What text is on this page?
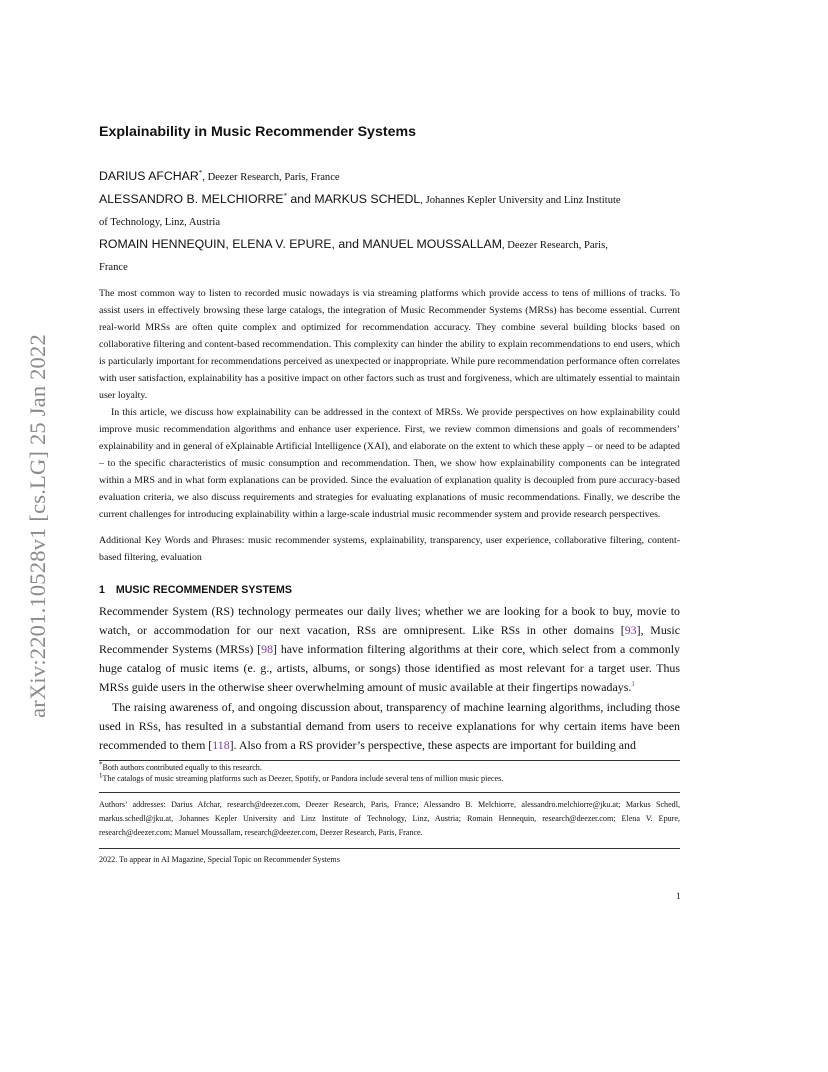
arXiv:2201.10528v1 [cs.LG] 25 Jan 2022
Explainability in Music Recommender Systems

DARIUS AFCHAR*, Deezer Research, Paris, France

ALESSANDRO B. MELCHIORRE* and MARKUS SCHEDL, Johannes Kepler University and Linz Institute

of Technology, Linz, Austria

ROMAIN HENNEQUIN, ELENA V. EPURE, and MANUEL MOUSSALLAM, Deezer Research, Paris,

France

The most common way to listen to recorded music nowadays is via streaming platforms which provide access to tens of millions of tracks. To assist users in effectively browsing these large catalogs, the integration of Music Recommender Systems (MRSs) has become essential. Current real-world MRSs are often quite complex and optimized for recommendation accuracy. They combine several building blocks based on collaborative filtering and content-based recommendation. This complexity can hinder the ability to explain recommendations to end users, which is particularly important for recommendations perceived as unexpected or inappropriate. While pure recommendation performance often correlates with user satisfaction, explainability has a positive impact on other factors such as trust and forgiveness, which are ultimately essential to maintain user loyalty.

In this article, we discuss how explainability can be addressed in the context of MRSs. We provide perspectives on how explainability could improve music recommendation algorithms and enhance user experience. First, we review common dimensions and goals of recommenders’ explainability and in general of eXplainable Artificial Intelligence (XAI), and elaborate on the extent to which these apply – or need to be adapted – to the specific characteristics of music consumption and recommendation. Then, we show how explainability components can be integrated within a MRS and in what form explanations can be provided. Since the evaluation of explanation quality is decoupled from pure accuracy-based evaluation criteria, we also discuss requirements and strategies for evaluating explanations of music recommendations. Finally, we describe the current challenges for introducing explainability within a large-scale industrial music recommender system and provide research perspectives.

Additional Key Words and Phrases: music recommender systems, explainability, transparency, user experience, collaborative filtering, content-based filtering, evaluation
1 MUSIC RECOMMENDER SYSTEMS

Recommender System (RS) technology permeates our daily lives; whether we are looking for a book to buy, movie to watch, or accommodation for our next vacation, RSs are omnipresent. Like RSs in other domains [93], Music Recommender Systems (MRSs) [98] have information filtering algorithms at their core, which select from a commonly huge catalog of music items (e. g., artists, albums, or songs) those identified as most relevant for a target user. Thus MRSs guide users in the otherwise sheer overwhelming amount of music available at their fingertips nowadays.$^1$

The raising awareness of, and ongoing discussion about, transparency of machine learning algorithms, including those used in RSs, has resulted in a substantial demand from users to receive explanations for why certain items have been recommended to them [118]. Also from a RS provider’s perspective, these aspects are important for building and

*Both authors contributed equally to this research.

1The catalogs of music streaming platforms such as Deezer, Spotify, or Pandora include several tens of million music pieces.

Authors’ addresses: Darius Afchar, research@deezer.com, Deezer Research, Paris, France; Alessandro B. Melchiorre, alessandro.melchiorre@jku.at; Markus Schedl, markus.schedl@jku.at, Johannes Kepler University and Linz Institute of Technology, Linz, Austria; Romain Hennequin, research@deezer.com; Elena V. Epure, research@deezer.com; Manuel Moussallam, research@deezer.com, Deezer Research, Paris, France.
2022. To appear in AI Magazine, Special Topic on Recommender Systems
1
